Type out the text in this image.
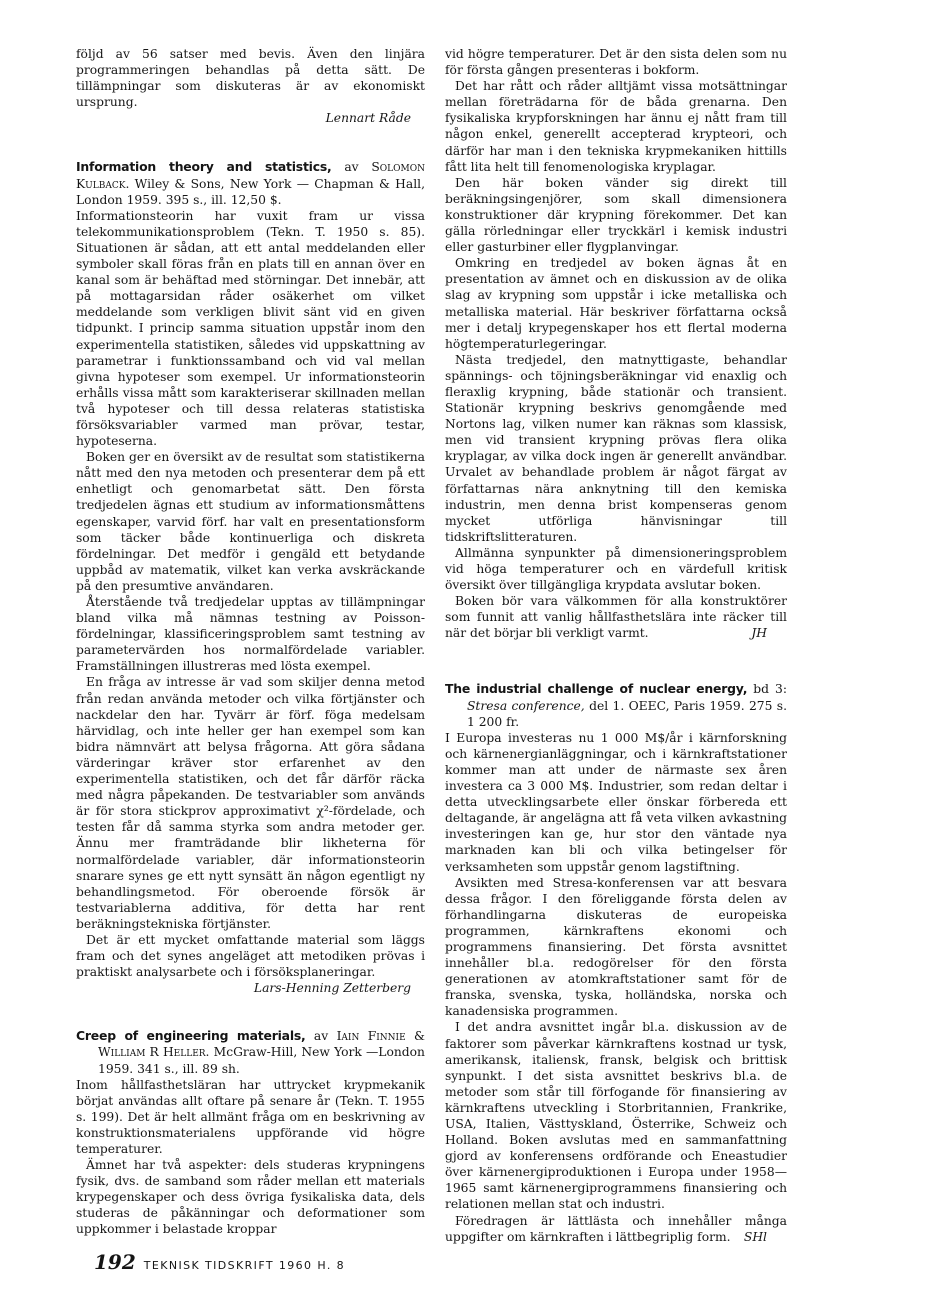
följd av 56 satser med bevis. Även den linjära programmeringen behandlas på detta sätt. De tillämpningar som diskuteras är av ekonomiskt ursprung.

Lennart Råde

Information theory and statistics, av Solomon Kulback. Wiley & Sons, New York — Chapman & Hall, London 1959. 395 s., ill. 12,50 $.

Informationsteorin har vuxit fram ur vissa telekommunikationsproblem (Tekn. T. 1950 s. 85). Situationen är sådan, att ett antal meddelanden eller symboler skall föras från en plats till en annan över en kanal som är behäftad med störningar. Det innebär, att på mottagarsidan råder osäkerhet om vilket meddelande som verkligen blivit sänt vid en given tidpunkt. I princip samma situation uppstår inom den experimentella statistiken, således vid uppskattning av parametrar i funktionssamband och vid val mellan givna hypoteser som exempel. Ur informationsteorin erhålls vissa mått som karakteriserar skillnaden mellan två hypoteser och till dessa relateras statistiska försöksvariabler varmed man prövar, testar, hypoteserna.

Boken ger en översikt av de resultat som statistikerna nått med den nya metoden och presenterar dem på ett enhetligt och genomarbetat sätt. Den första tredjedelen ägnas ett studium av informationsmåttens egenskaper, varvid förf. har valt en presentationsform som täcker både kontinuerliga och diskreta fördelningar. Det medför i gengäld ett betydande uppbåd av matematik, vilket kan verka avskräckande på den presumtive användaren.

Återstående två tredjedelar upptas av tillämpningar bland vilka må nämnas testning av Poisson-fördelningar, klassificeringsproblem samt testning av parametervärden hos normalfördelade variabler. Framställningen illustreras med lösta exempel.

En fråga av intresse är vad som skiljer denna metod från redan använda metoder och vilka förtjänster och nackdelar den har. Tyvärr är förf. föga medelsam härvidlag, och inte heller ger han exempel som kan bidra nämnvärt att belysa frågorna. Att göra sådana värderingar kräver stor erfarenhet av den experimentella statistiken, och det får därför räcka med några påpekanden. De testvariabler som används är för stora stickprov approximativt χ²-fördelade, och testen får då samma styrka som andra metoder ger. Ännu mer framträdande blir likheterna för normalfördelade variabler, där informationsteorin snarare synes ge ett nytt synsätt än någon egentligt ny behandlingsmetod. För oberoende försök är testvariablerna additiva, för detta har rent beräkningstekniska förtjänster.

Det är ett mycket omfattande material som läggs fram och det synes angeläget att metodiken prövas i praktiskt analysarbete och i försöksplaneringar.

Lars-Henning Zetterberg

Creep of engineering materials, av Iain Finnie & William R Heller. McGraw-Hill, New York —London 1959. 341 s., ill. 89 sh.

Inom hållfasthetsläran har uttrycket krypmekanik börjat användas allt oftare på senare år (Tekn. T. 1955 s. 199). Det är helt allmänt fråga om en beskrivning av konstruktionsmaterialens uppförande vid högre temperaturer.

Ämnet har två aspekter: dels studeras krypningens fysik, dvs. de samband som råder mellan ett materials krypegenskaper och dess övriga fysikaliska data, dels studeras de påkänningar och deformationer som uppkommer i belastade kroppar

vid högre temperaturer. Det är den sista delen som nu för första gången presenteras i bokform.

Det har rått och råder alltjämt vissa motsättningar mellan företrädarna för de båda grenarna. Den fysikaliska krypforskningen har ännu ej nått fram till någon enkel, generellt accepterad krypteori, och därför har man i den tekniska krypmekaniken hittills fått lita helt till fenomenologiska kryplagar.

Den här boken vänder sig direkt till beräkningsingenjörer, som skall dimensionera konstruktioner där krypning förekommer. Det kan gälla rörledningar eller tryckkärl i kemisk industri eller gasturbiner eller flygplanvingar.

Omkring en tredjedel av boken ägnas åt en presentation av ämnet och en diskussion av de olika slag av krypning som uppstår i icke metalliska och metalliska material. Här beskriver författarna också mer i detalj krypegenskaper hos ett flertal moderna högtemperaturlegeringar.

Nästa tredjedel, den matnyttigaste, behandlar spännings- och töjningsberäkningar vid enaxlig och fleraxlig krypning, både stationär och transient. Stationär krypning beskrivs genomgående med Nortons lag, vilken numer kan räknas som klassisk, men vid transient krypning prövas flera olika kryplagar, av vilka dock ingen är generellt användbar. Urvalet av behandlade problem är något färgat av författarnas nära anknytning till den kemiska industrin, men denna brist kompenseras genom mycket utförliga hänvisningar till tidskriftslitteraturen.

Allmänna synpunkter på dimensioneringsproblem vid höga temperaturer och en värdefull kritisk översikt över tillgängliga krypdata avslutar boken.

Boken bör vara välkommen för alla konstruktörer som funnit att vanlig hållfasthetslära inte räcker till när det börjar bli verkligt varmt.	JH

The industrial challenge of nuclear energy, bd 3: Stresa conference, del 1. OEEC, Paris 1959. 275 s. 1 200 fr.

I Europa investeras nu 1 000 M$/år i kärnforskning och kärnenergianläggningar, och i kärnkraftstationer kommer man att under de närmaste sex åren investera ca 3 000 M$. Industrier, som redan deltar i detta utvecklingsarbete eller önskar förbereda ett deltagande, är angelägna att få veta vilken avkastning investeringen kan ge, hur stor den väntade nya marknaden kan bli och vilka betingelser för verksamheten som uppstår genom lagstiftning.

Avsikten med Stresa-konferensen var att besvara dessa frågor. I den föreliggande första delen av förhandlingarna diskuteras de europeiska programmen, kärnkraftens ekonomi och programmens finansiering. Det första avsnittet innehåller bl.a. redogörelser för den första generationen av atomkraftstationer samt för de franska, svenska, tyska, holländska, norska och kanadensiska programmen.

I det andra avsnittet ingår bl.a. diskussion av de faktorer som påverkar kärnkraftens kostnad ur tysk, amerikansk, italiensk, fransk, belgisk och brittisk synpunkt. I det sista avsnittet beskrivs bl.a. de metoder som står till förfogande för finansiering av kärnkraftens utveckling i Storbritannien, Frankrike, USA, Italien, Västtyskland, Österrike, Schweiz och Holland. Boken avslutas med en sammanfattning gjord av konferensens ordförande och Eneastudier över kärnenergiproduktionen i Europa under 1958—1965 samt kärnenergiprogrammens finansiering och relationen mellan stat och industri.

Föredragen är lättlästa och innehåller många uppgifter om kärnkraften i lättbegriplig form.	SHl

192 TEKNISK TIDSKRIFT 1960 H. 8
